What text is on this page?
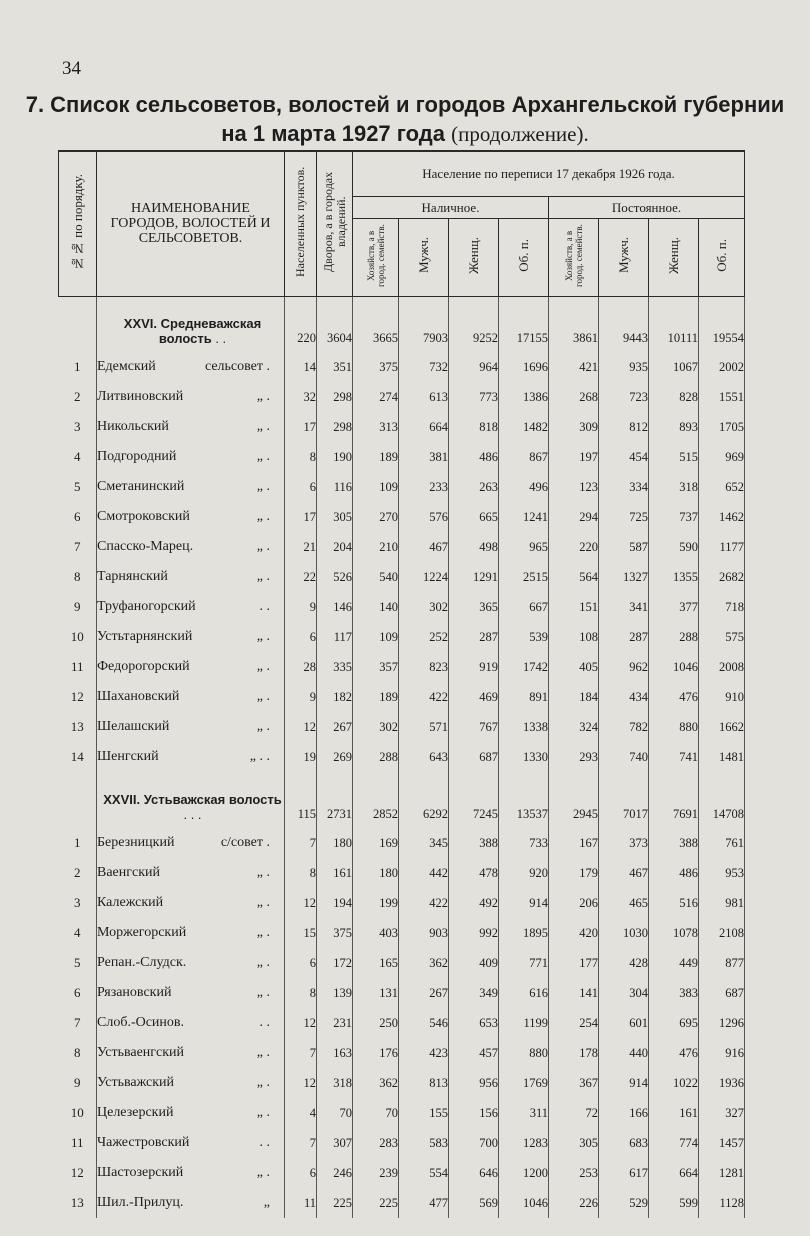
34
7. Список сельсоветов, волостей и городов Архангельской губернии
на 1 марта 1927 года (продолжение).
№№ по порядку.	НАИМЕНОВАНИЕ ГОРОДОВ, ВОЛОСТЕЙ И СЕЛЬСОВЕТОВ.	Населенных пунктов.	Дворов, а в городах владений.	Население по переписи 17 декабря 1926 года.							

				Наличное.				Постоянное.			
				Хозяйств, а в город. семейств.	Мужч.	Женщ.	Об. п.	Хозяйств, а в город. семейств.	Мужч.	Женщ.	Об. п.

	XXVI. Средневажская волость . .	220	3604	3665	7903	9252	17155	3861	9443	10111	19554
1	Едемский сельсовет .	14	351	375	732	964	1696	421	935	1067	2002
2	Литвиновский „ .	32	298	274	613	773	1386	268	723	828	1551
3	Никольский „ .	17	298	313	664	818	1482	309	812	893	1705
4	Подгородний „ .	8	190	189	381	486	867	197	454	515	969
5	Сметанинский „ .	6	116	109	233	263	496	123	334	318	652
6	Смотроковский „ .	17	305	270	576	665	1241	294	725	737	1462
7	Спасско-Марец. „ .	21	204	210	467	498	965	220	587	590	1177
8	Тарнянский „ .	22	526	540	1224	1291	2515	564	1327	1355	2682
9	Труфаногорский . .	9	146	140	302	365	667	151	341	377	718
10	Устьтарнянский „ .	6	117	109	252	287	539	108	287	288	575
11	Федорогорский „ .	28	335	357	823	919	1742	405	962	1046	2008
12	Шахановский „ .	9	182	189	422	469	891	184	434	476	910
13	Шелашский „ .	12	267	302	571	767	1338	324	782	880	1662
14	Шенгский „ . .	19	269	288	643	687	1330	293	740	741	1481

	XXVII. Устьважская волость . . .	115	2731	2852	6292	7245	13537	2945	7017	7691	14708
1	Березницкий с/совет .	7	180	169	345	388	733	167	373	388	761
2	Ваенгский „ .	8	161	180	442	478	920	179	467	486	953
3	Калежский „ .	12	194	199	422	492	914	206	465	516	981
4	Моржегорский „ .	15	375	403	903	992	1895	420	1030	1078	2108
5	Репан.-Слудск. „ .	6	172	165	362	409	771	177	428	449	877
6	Рязановский „ .	8	139	131	267	349	616	141	304	383	687
7	Слоб.-Осинов. . .	12	231	250	546	653	1199	254	601	695	1296
8	Устьваенгский „ .	7	163	176	423	457	880	178	440	476	916
9	Устьважский „ .	12	318	362	813	956	1769	367	914	1022	1936
10	Целезерский „ .	4	70	70	155	156	311	72	166	161	327
11	Чажестровский . .	7	307	283	583	700	1283	305	683	774	1457
12	Шастозерский „ .	6	246	239	554	646	1200	253	617	664	1281
13	Шил.-Прилуц. „	11	225	225	477	569	1046	226	529	599	1128
